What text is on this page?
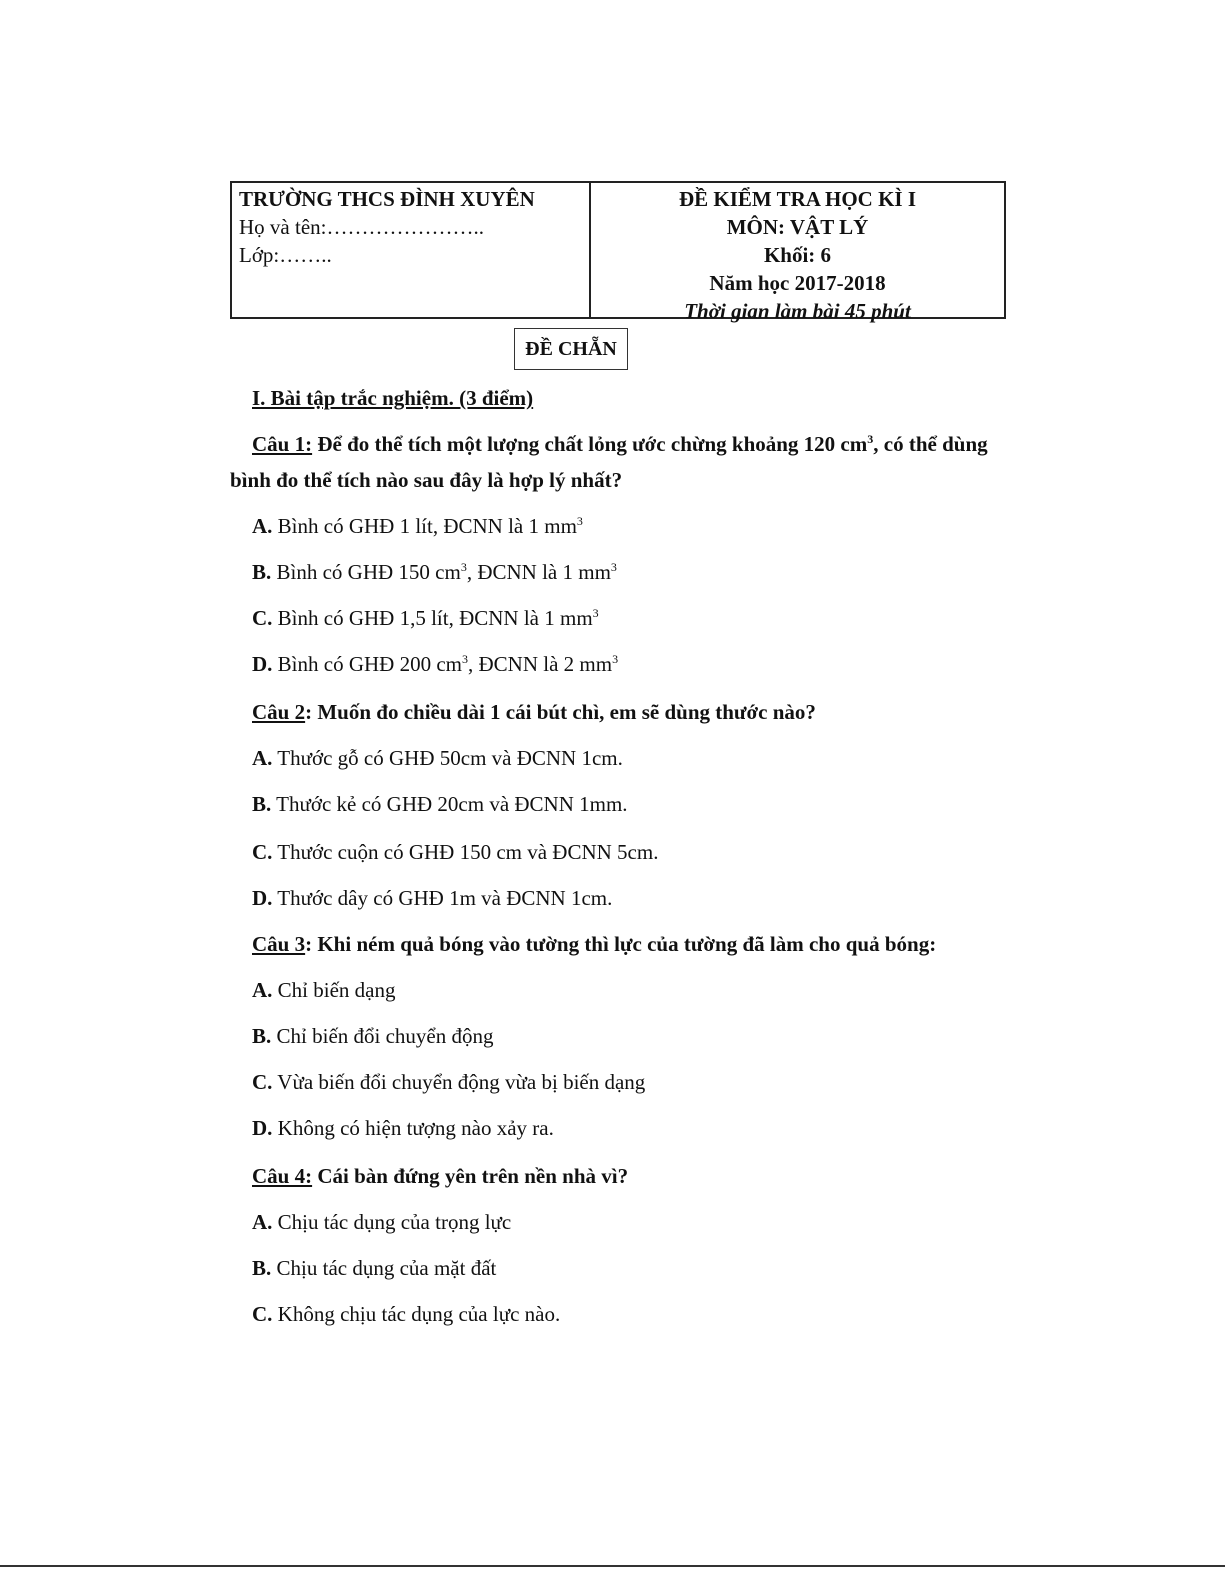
TRƯỜNG THCS ĐÌNH XUYÊN
Họ và tên:…………………..
Lớp:……..
ĐỀ KIỂM TRA HỌC KÌ I
MÔN: VẬT LÝ
Khối: 6
Năm học 2017-2018
Thời gian làm bài 45 phút
ĐỀ CHẴN
I. Bài tập trắc nghiệm. (3 điểm)
Câu 1: Để đo thể tích một lượng chất lỏng ước chừng khoảng 120 $cm^3$, có thể dùng
bình đo thể tích nào sau đây là hợp lý nhất?
A. Bình có GHĐ 1 lít, ĐCNN là 1 $mm^3$
B. Bình có GHĐ 150 $cm^3$, ĐCNN là 1 $mm^3$
C. Bình có GHĐ 1,5 lít, ĐCNN là 1 $mm^3$
D. Bình có GHĐ 200 $cm^3$, ĐCNN là 2 $mm^3$
Câu 2: Muốn đo chiều dài 1 cái bút chì, em sẽ dùng thước nào?
A. Thước gỗ có GHĐ 50cm và ĐCNN 1cm.
B. Thước kẻ có GHĐ 20cm và ĐCNN 1mm.
C. Thước cuộn có GHĐ 150 cm và ĐCNN 5cm.
D. Thước dây có GHĐ 1m và ĐCNN 1cm.
Câu 3: Khi ném quả bóng vào tường thì lực của tường đã làm cho quả bóng:
A. Chỉ biến dạng
B. Chỉ biến đổi chuyển động
C. Vừa biến đổi chuyển động vừa bị biến dạng
D. Không có hiện tượng nào xảy ra.
Câu 4: Cái bàn đứng yên trên nền nhà vì?
A. Chịu tác dụng của trọng lực
B. Chịu tác dụng của mặt đất
C. Không chịu tác dụng của lực nào.
